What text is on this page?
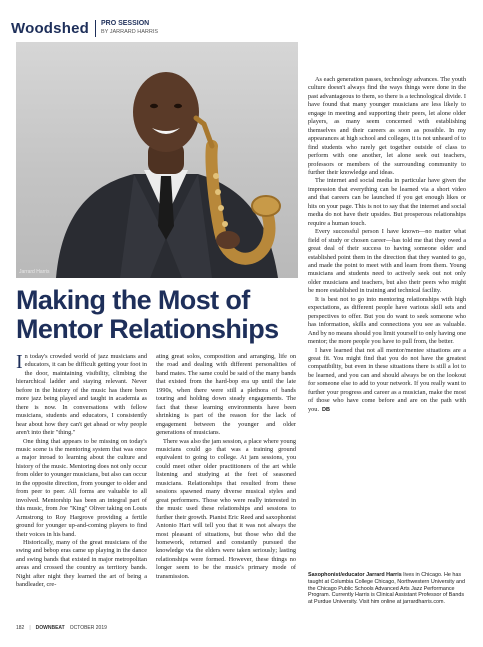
Woodshed	PRO SESSION
BY JARRARD HARRIS
Jarrard Harris
Making the Most of
Mentor Relationships

In today's crowded world of jazz musicians and educators, it can be difficult getting your foot in the door, maintaining visibility, climbing the hierarchical ladder and staying relevant. Never before in the history of the music has there been more jazz being played and taught in academia as there is now. In conversations with fellow musicians, students and educators, I consistently hear about how they can't get ahead or why people aren't into their "thing."

One thing that appears to be missing on today's music scene is the mentoring system that was once a major inroad to learning about the culture and history of the music. Mentoring does not only occur from older to younger musicians, but also can occur in the opposite direction, from younger to older and from peer to peer. All forms are valuable to all involved. Mentorship has been an integral part of this music, from Joe "King" Oliver taking on Louis Armstrong to Roy Hargrove providing a fertile ground for younger up-and-coming players to find their voices in his band.

Historically, many of the great musicians of the swing and bebop eras came up playing in the dance and swing bands that existed in major metropolitan areas and crossed the country as territory bands. Night after night they learned the art of being a bandleader, cre-

ating great solos, composition and arranging, life on the road and dealing with different personalities of band mates. The same could be said of the many bands that existed from the hard-bop era up until the late 1990s, when there were still a plethora of bands touring and holding down steady engagements. The fact that these learning environments have been shrinking is part of the reason for the lack of engagement between the younger and older generations of musicians.

There was also the jam session, a place where young musicians could go that was a training ground equivalent to going to college. At jam sessions, you could meet other older practitioners of the art while listening and studying at the feet of seasoned musicians. Relationships that resulted from these sessions spawned many diverse musical styles and great performers. Those who were really interested in the music used these relationships and sessions to further their growth. Pianist Eric Reed and saxophonist Antonio Hart will tell you that it was not always the most pleasant of situations, but those who did the homework, returned and constantly pursued the knowledge via the elders were taken seriously; lasting relationships were formed. However, these things no longer seem to be the music's primary mode of transmission.

As each generation passes, technology advances. The youth culture doesn't always find the ways things were done in the past advantageous to them, so there is a technological divide. I have found that many younger musicians are less likely to engage in meeting and supporting their peers, let alone older players, as many seem concerned with establishing themselves and their careers as soon as possible. In my appearances at high school and colleges, it is not unheard of to find students who rarely get together outside of class to perform with one another, let alone seek out teachers, professors or members of the surrounding community to further their knowledge and ideas.

The internet and social media in particular have given the impression that everything can be learned via a short video and that careers can be launched if you get enough likes or hits on your page. This is not to say that the internet and social media do not have their upsides. But prosperous relationships require a human touch.

Every successful person I have known—no matter what field of study or chosen career—has told me that they owed a great deal of their success to having someone older and established point them in the direction that they wanted to go, and made the point to meet with and learn from them. Young musicians and students need to actively seek out not only older musicians and teachers, but also their peers who might be more established in training and technical facility.

It is best not to go into mentoring relationships with high expectations, as different people have various skill sets and perspectives to offer. But you do want to seek someone who has information, skills and connections you see as valuable. And by no means should you limit yourself to only having one mentor; the more people you have to pull from, the better.

I have learned that not all mentor/mentee situations are a great fit. You might find that you do not have the greatest compatibility, but even in these situations there is still a lot to be learned, and you can and should always be on the lookout for someone else to add to your network. If you really want to further your progress and career as a musician, make the most of those who have come before and are on the path with you. DB

Saxophonist/educator Jarrard Harris lives in Chicago. He has taught at Columbia College Chicago, Northwestern University and the Chicago Public Schools Advanced Arts Jazz Performance Program. Currently Harris is Clinical Assistant Professor of Bands at Purdue University. Visit him online at jarrardharris.com.
182 | DOWNBEAT OCTOBER 2019
